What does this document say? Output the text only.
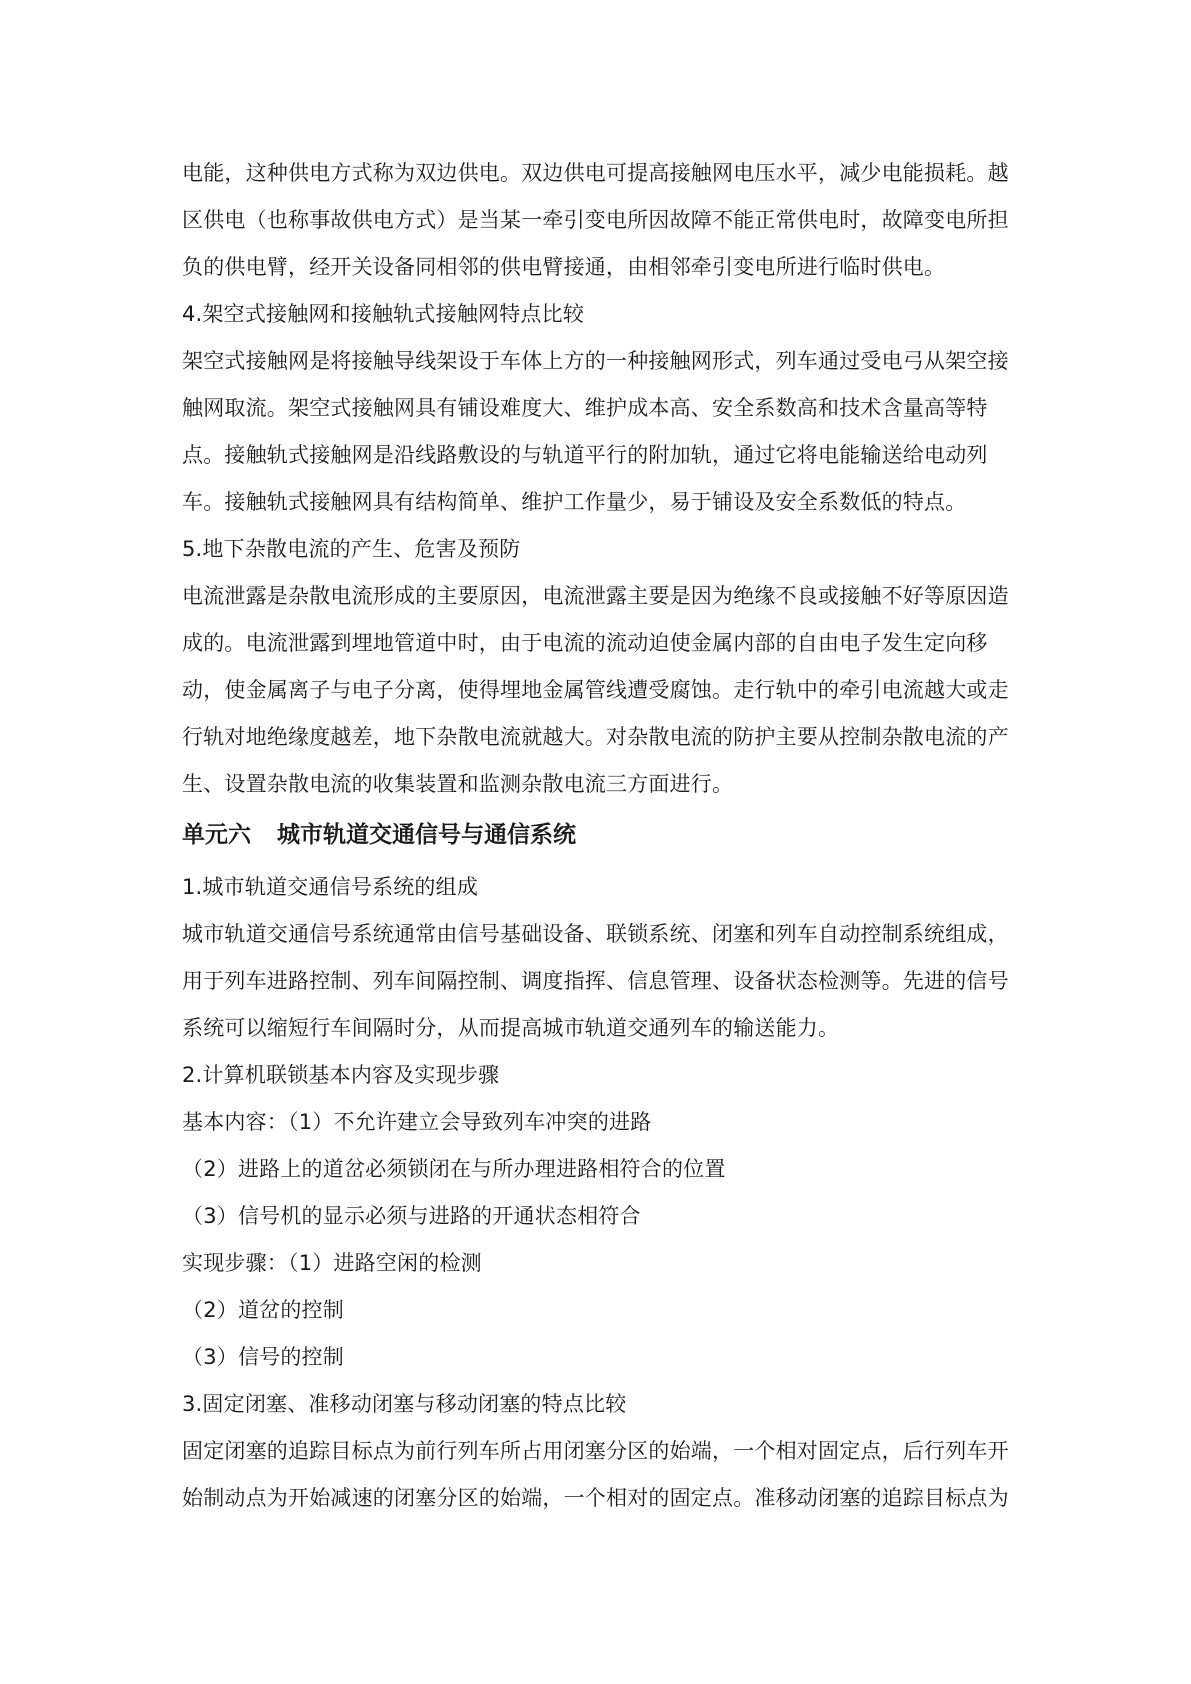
电能，这种供电方式称为双边供电。双边供电可提高接触网电压水平，减少电能损耗。越
区供电（也称事故供电方式）是当某一牵引变电所因故障不能正常供电时，故障变电所担
负的供电臂，经开关设备同相邻的供电臂接通，由相邻牵引变电所进行临时供电。
4.架空式接触网和接触轨式接触网特点比较
架空式接触网是将接触导线架设于车体上方的一种接触网形式，列车通过受电弓从架空接
触网取流。架空式接触网具有铺设难度大、维护成本高、安全系数高和技术含量高等特
点。接触轨式接触网是沿线路敷设的与轨道平行的附加轨，通过它将电能输送给电动列
车。接触轨式接触网具有结构简单、维护工作量少，易于铺设及安全系数低的特点。
5.地下杂散电流的产生、危害及预防
电流泄露是杂散电流形成的主要原因，电流泄露主要是因为绝缘不良或接触不好等原因造
成的。电流泄露到埋地管道中时，由于电流的流动迫使金属内部的自由电子发生定向移
动，使金属离子与电子分离，使得埋地金属管线遭受腐蚀。走行轨中的牵引电流越大或走
行轨对地绝缘度越差，地下杂散电流就越大。对杂散电流的防护主要从控制杂散电流的产
生、设置杂散电流的收集装置和监测杂散电流三方面进行。
单元六 城市轨道交通信号与通信系统
1.城市轨道交通信号系统的组成
城市轨道交通信号系统通常由信号基础设备、联锁系统、闭塞和列车自动控制系统组成，
用于列车进路控制、列车间隔控制、调度指挥、信息管理、设备状态检测等。先进的信号
系统可以缩短行车间隔时分，从而提高城市轨道交通列车的输送能力。
2.计算机联锁基本内容及实现步骤
基本内容：（1）不允许建立会导致列车冲突的进路
（2）进路上的道岔必须锁闭在与所办理进路相符合的位置
（3）信号机的显示必须与进路的开通状态相符合
实现步骤：（1）进路空闲的检测
（2）道岔的控制
（3）信号的控制
3.固定闭塞、准移动闭塞与移动闭塞的特点比较
固定闭塞的追踪目标点为前行列车所占用闭塞分区的始端，一个相对固定点，后行列车开
始制动点为开始减速的闭塞分区的始端，一个相对的固定点。准移动闭塞的追踪目标点为
